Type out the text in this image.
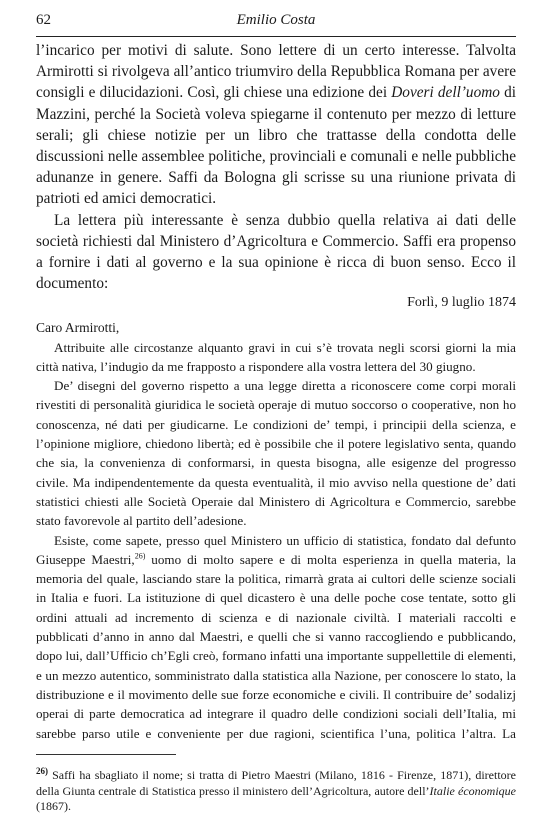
62	Emilio Costa

l’incarico per motivi di salute. Sono lettere di un certo interesse. Talvolta Armirotti si rivolgeva all’antico triumviro della Repubblica Romana per avere consigli e dilucidazioni. Così, gli chiese una edizione dei Doveri dell’uomo di Mazzini, perché la Società voleva spiegarne il contenuto per mezzo di letture serali; gli chiese notizie per un libro che trattasse della condotta delle discussioni nelle assemblee politiche, provinciali e comunali e nelle pubbliche adunanze in genere. Saffi da Bologna gli scrisse su una riunione privata di patrioti ed amici democratici.

La lettera più interessante è senza dubbio quella relativa ai dati delle società richiesti dal Ministero d’Agricoltura e Commercio. Saffi era propenso a fornire i dati al governo e la sua opinione è ricca di buon senso. Ecco il documento:

Forlì, 9 luglio 1874

Caro Armirotti,

Attribuite alle circostanze alquanto gravi in cui s’è trovata negli scorsi giorni la mia città nativa, l’indugio da me frapposto a rispondere alla vostra lettera del 30 giugno.

De’ disegni del governo rispetto a una legge diretta a riconoscere come corpi morali rivestiti di personalità giuridica le società operaje di mutuo soccorso o cooperative, non ho conoscenza, né dati per giudicarne. Le condizioni de’ tempi, i principii della scienza, e l’opinione migliore, chiedono libertà; ed è possibile che il potere legislativo senta, quando che sia, la convenienza di conformarsi, in questa bisogna, alle esigenze del progresso civile. Ma indipendentemente da questa eventualità, il mio avviso nella questione de’ dati statistici chiesti alle Società Operaie dal Ministero di Agricoltura e Commercio, sarebbe stato favorevole al partito dell’adesione.

Esiste, come sapete, presso quel Ministero un ufficio di statistica, fondato dal defunto Giuseppe Maestri,$^{26)}$ uomo di molto sapere e di molta esperienza in quella materia, la memoria del quale, lasciando stare la politica, rimarrà grata ai cultori delle scienze sociali in Italia e fuori. La istituzione di quel dicastero è una delle poche cose tentate, sotto gli ordini attuali ad incremento di scienza e di nazionale civiltà. I materiali raccolti e pubblicati d’anno in anno dal Maestri, e quelli che si vanno raccogliendo e pubblicando, dopo lui, dall’Ufficio ch’Egli creò, formano infatti una importante suppellettile di elementi, e un mezzo autentico, somministrato dalla statistica alla Nazione, per conoscere lo stato, la distribuzione e il movimento delle sue forze economiche e civili. Il contribuire de’ sodalizj operai di parte democratica ad integrare il quadro delle condizioni sociali dell’Italia, mi sarebbe parso utile e conveniente per due ragioni, scientifica l’una, politica l’altra. La

$^{26)}$ Saffi ha sbagliato il nome; si tratta di Pietro Maestri (Milano, 1816 - Firenze, 1871), direttore della Giunta centrale di Statistica presso il ministero dell’Agricoltura, autore dell’Italie économique (1867).
